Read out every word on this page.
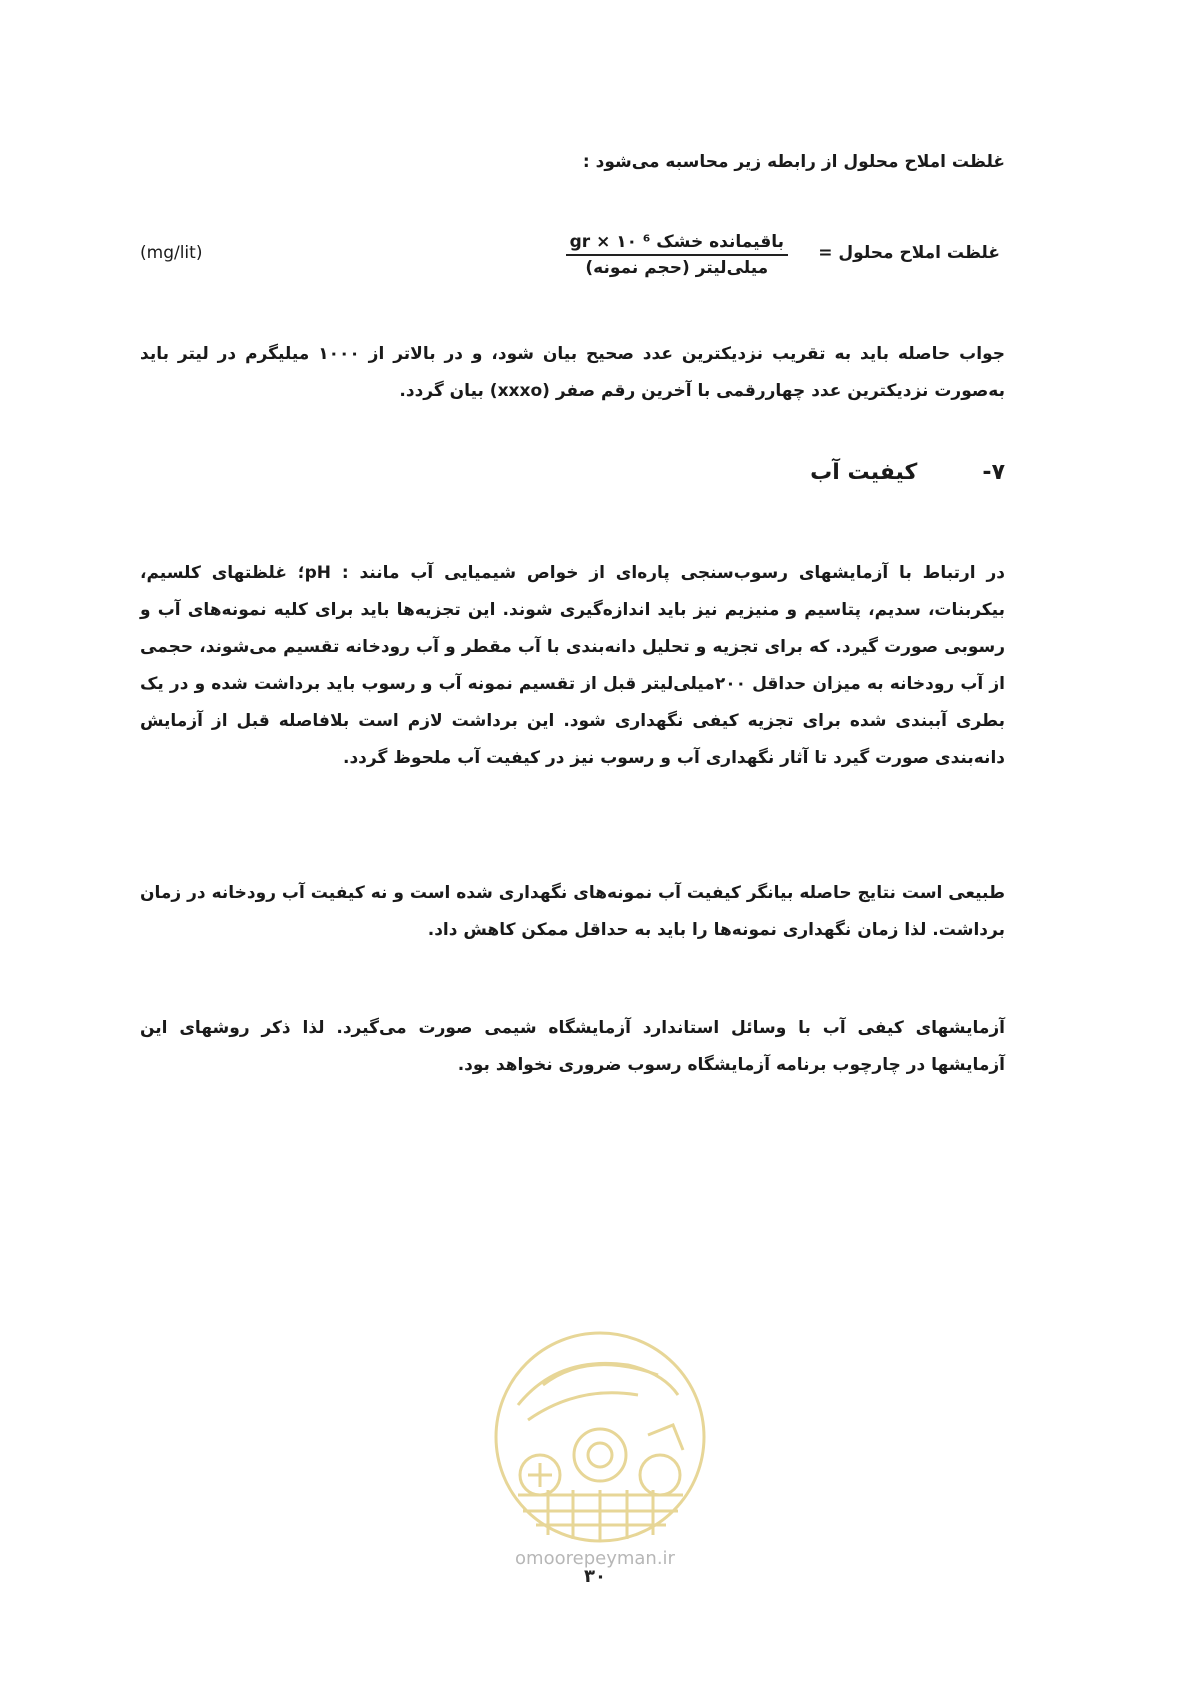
غلظت املاح محلول از رابطه زیر محاسبه می‌شود :
غلظت املاح محلول =
باقیمانده خشک gr × ۱۰ ⁶
میلی‌لیتر (حجم نمونه)
(mg/lit)
جواب حاصله باید به تقریب نزدیکترین عدد صحیح بیان شود، و در بالاتر از ۱۰۰۰ میلیگرم در لیتر باید به‌صورت نزدیکترین عدد چهاررقمی با آخرین رقم صفر (xxxo) بیان گردد.
۷- کیفیت آب
در ارتباط با آزمایشهای رسوب‌سنجی پاره‌ای از خواص شیمیایی آب مانند : pH؛ غلظتهای کلسیم، بیکربنات، سدیم، پتاسیم و منیزیم نیز باید اندازه‌گیری شوند. این تجزیه‌ها باید برای کلیه نمونه‌های آب و رسوبی صورت گیرد. که برای تجزیه و تحلیل دانه‌بندی با آب مقطر و آب رودخانه تقسیم می‌شوند، حجمی از آب رودخانه به میزان حداقل ۲۰۰میلی‌لیتر قبل از تقسیم نمونه آب و رسوب باید برداشت شده و در یک بطری آببندی شده برای تجزیه کیفی نگهداری شود. این برداشت لازم است بلافاصله قبل از آزمایش دانه‌بندی صورت گیرد تا آثار نگهداری آب و رسوب نیز در کیفیت آب ملحوظ گردد.
طبیعی است نتایج حاصله بیانگر کیفیت آب نمونه‌های نگهداری شده است و نه کیفیت آب رودخانه در زمان برداشت. لذا زمان نگهداری نمونه‌ها را باید به حداقل ممکن کاهش داد.
آزمایشهای کیفی آب با وسائل استاندارد آزمایشگاه شیمی صورت می‌گیرد. لذا ذکر روشهای این آزمایشها در چارچوب برنامه آزمایشگاه رسوب ضروری نخواهد بود.
omoorepeyman.ir
۳۰
